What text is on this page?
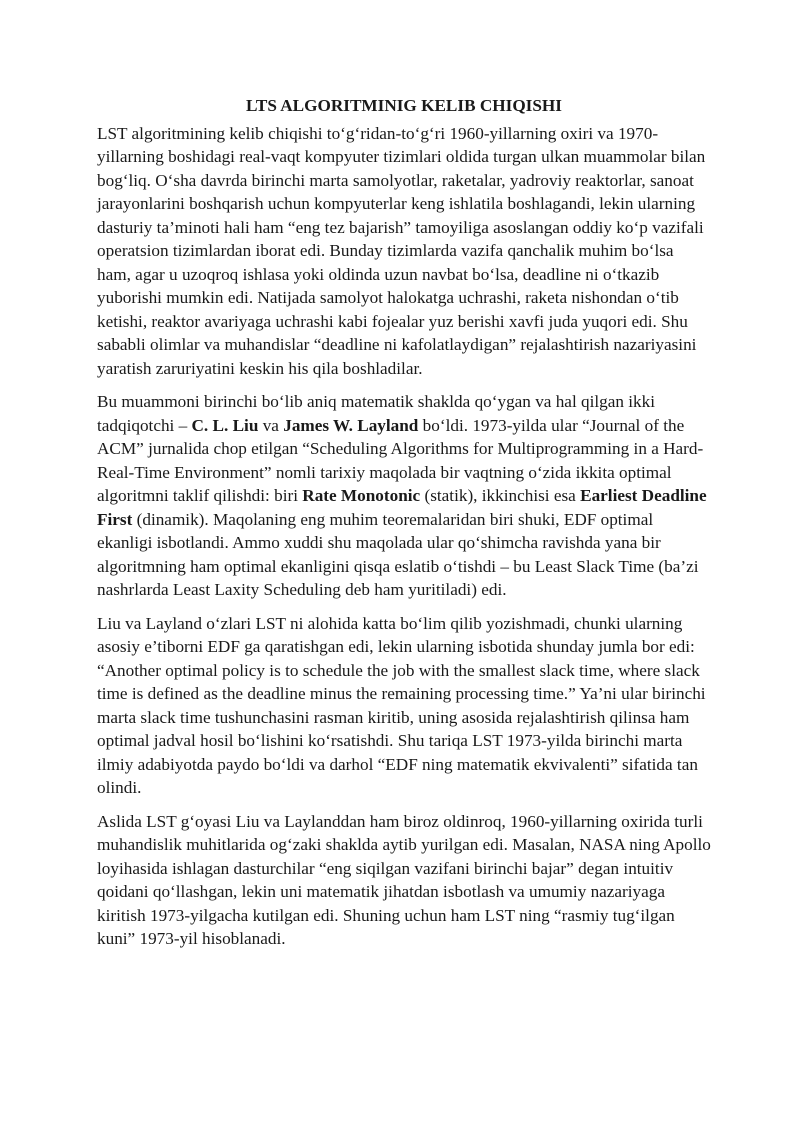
LTS ALGORITMINIG KELIB CHIQISHI

LST algoritmining kelib chiqishi to‘g‘ridan-to‘g‘ri 1960-yillarning oxiri va 1970-yillarning boshidagi real-vaqt kompyuter tizimlari oldida turgan ulkan muammolar bilan bog‘liq. O‘sha davrda birinchi marta samolyotlar, raketalar, yadroviy reaktorlar, sanoat jarayonlarini boshqarish uchun kompyuterlar keng ishlatila boshlagandi, lekin ularning dasturiy ta’minoti hali ham “eng tez bajarish” tamoyiliga asoslangan oddiy ko‘p vazifali operatsion tizimlardan iborat edi. Bunday tizimlarda vazifa qanchalik muhim bo‘lsa ham, agar u uzoqroq ishlasa yoki oldinda uzun navbat bo‘lsa, deadline ni o‘tkazib yuborishi mumkin edi. Natijada samolyot halokatga uchrashi, raketa nishondan o‘tib ketishi, reaktor avariyaga uchrashi kabi fojealar yuz berishi xavfi juda yuqori edi. Shu sababli olimlar va muhandislar “deadline ni kafolatlaydigan” rejalashtirish nazariyasini yaratish zaruriyatini keskin his qila boshladilar.

Bu muammoni birinchi bo‘lib aniq matematik shaklda qo‘ygan va hal qilgan ikki tadqiqotchi – C. L. Liu va James W. Layland bo‘ldi. 1973-yilda ular “Journal of the ACM” jurnalida chop etilgan “Scheduling Algorithms for Multiprogramming in a Hard-Real-Time Environment” nomli tarixiy maqolada bir vaqtning o‘zida ikkita optimal algoritmni taklif qilishdi: biri Rate Monotonic (statik), ikkinchisi esa Earliest Deadline First (dinamik). Maqolaning eng muhim teoremalaridan biri shuki, EDF optimal ekanligi isbotlandi. Ammo xuddi shu maqolada ular qo‘shimcha ravishda yana bir algoritmning ham optimal ekanligini qisqa eslatib o‘tishdi – bu Least Slack Time (ba’zi nashrlarda Least Laxity Scheduling deb ham yuritiladi) edi.

Liu va Layland o‘zlari LST ni alohida katta bo‘lim qilib yozishmadi, chunki ularning asosiy e’tiborni EDF ga qaratishgan edi, lekin ularning isbotida shunday jumla bor edi: “Another optimal policy is to schedule the job with the smallest slack time, where slack time is defined as the deadline minus the remaining processing time.” Ya’ni ular birinchi marta slack time tushunchasini rasman kiritib, uning asosida rejalashtirish qilinsa ham optimal jadval hosil bo‘lishini ko‘rsatishdi. Shu tariqa LST 1973-yilda birinchi marta ilmiy adabiyotda paydo bo‘ldi va darhol “EDF ning matematik ekvivalenti” sifatida tan olindi.

Aslida LST g‘oyasi Liu va Laylanddan ham biroz oldinroq, 1960-yillarning oxirida turli muhandislik muhitlarida og‘zaki shaklda aytib yurilgan edi. Masalan, NASA ning Apollo loyihasida ishlagan dasturchilar “eng siqilgan vazifani birinchi bajar” degan intuitiv qoidani qo‘llashgan, lekin uni matematik jihatdan isbotlash va umumiy nazariyaga kiritish 1973-yilgacha kutilgan edi. Shuning uchun ham LST ning “rasmiy tug‘ilgan kuni” 1973-yil hisoblanadi.
